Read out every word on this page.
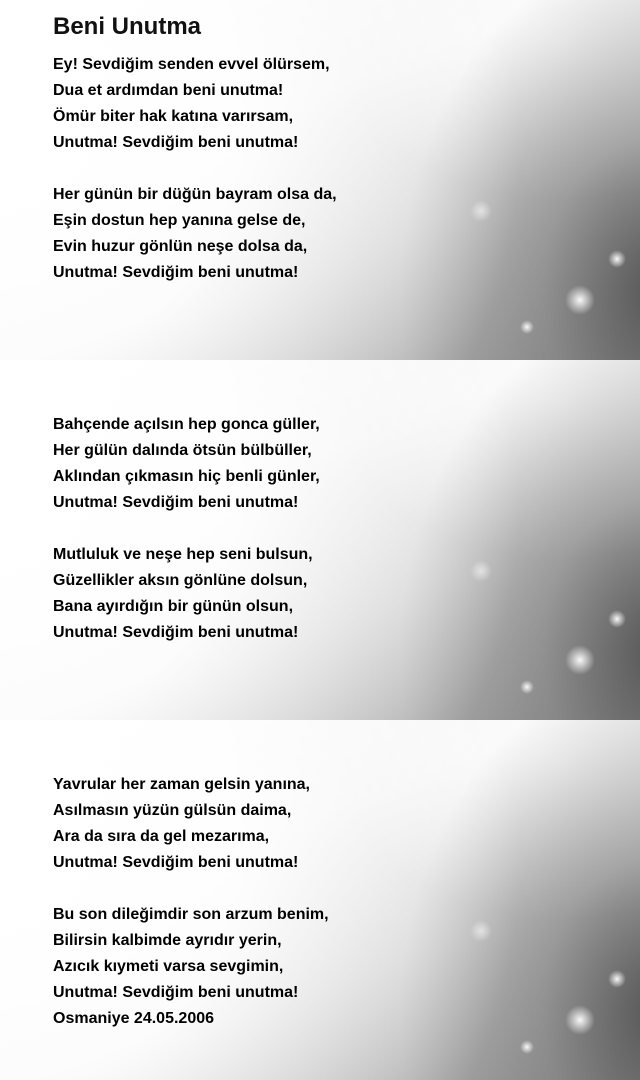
Beni Unutma

Ey! Sevdiğim senden evvel ölürsem,
Dua et ardımdan beni unutma!
Ömür biter hak katına varırsam,
Unutma! Sevdiğim beni unutma!

Her günün bir düğün bayram olsa da,
Eşin dostun hep yanına gelse de,
Evin huzur gönlün neşe dolsa da,
Unutma! Sevdiğim beni unutma!

Bahçende açılsın hep gonca güller,
Her gülün dalında ötsün bülbüller,
Aklından çıkmasın hiç benli günler,
Unutma! Sevdiğim beni unutma!

Mutluluk ve neşe hep seni bulsun,
Güzellikler aksın gönlüne dolsun,
Bana ayırdığın bir günün olsun,
Unutma! Sevdiğim beni unutma!

Yavrular her zaman gelsin yanına,
Asılmasın yüzün gülsün daima,
Ara da sıra da gel mezarıma,
Unutma! Sevdiğim beni unutma!

Bu son dileğimdir son arzum benim,
Bilirsin kalbimde ayrıdır yerin,
Azıcık kıymeti varsa sevgimin,
Unutma! Sevdiğim beni unutma!
Osmaniye 24.05.2006
